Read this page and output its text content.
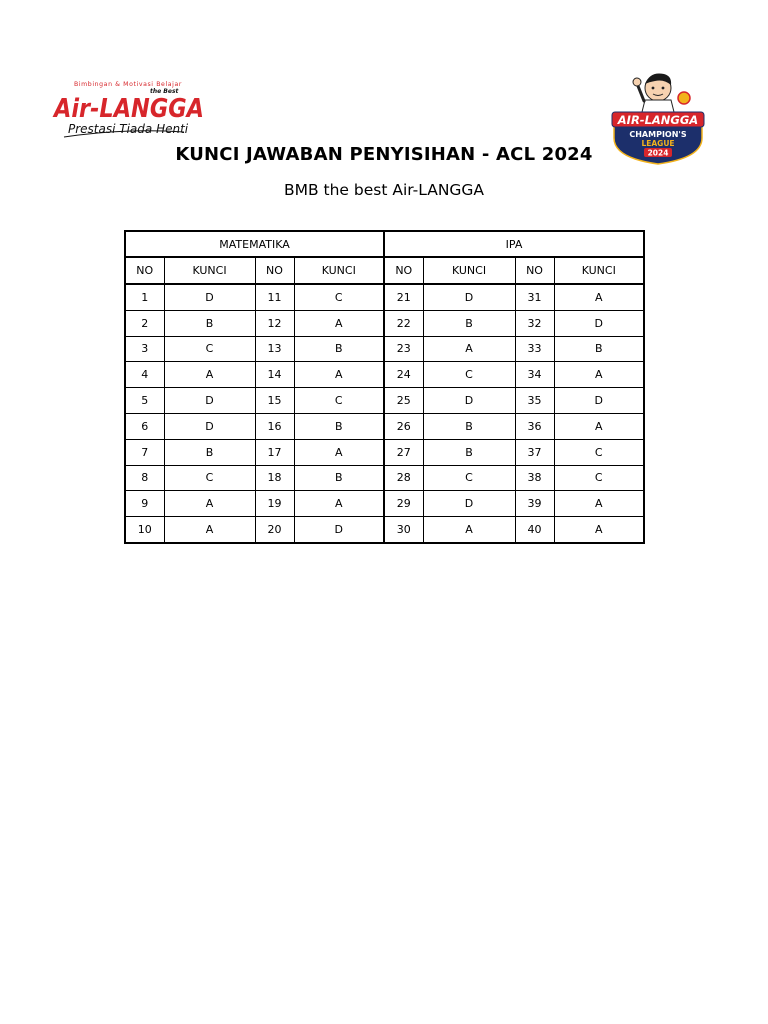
Bimbingan & Motivasi Belajar
the Best
Air-LANGGA
Prestasi Tiada Henti
AIR-LANGGA
CHAMPION'S
LEAGUE
2024
KUNCI JAWABAN PENYISIHAN - ACL 2024
BMB the best Air-LANGGA
MATEMATIKA				IPA			
NO	KUNCI	NO	KUNCI	NO	KUNCI	NO	KUNCI
1	D	11	C	21	D	31	A
2	B	12	A	22	B	32	D
3	C	13	B	23	A	33	B
4	A	14	A	24	C	34	A
5	D	15	C	25	D	35	D
6	D	16	B	26	B	36	A
7	B	17	A	27	B	37	C
8	C	18	B	28	C	38	C
9	A	19	A	29	D	39	A
10	A	20	D	30	A	40	A
